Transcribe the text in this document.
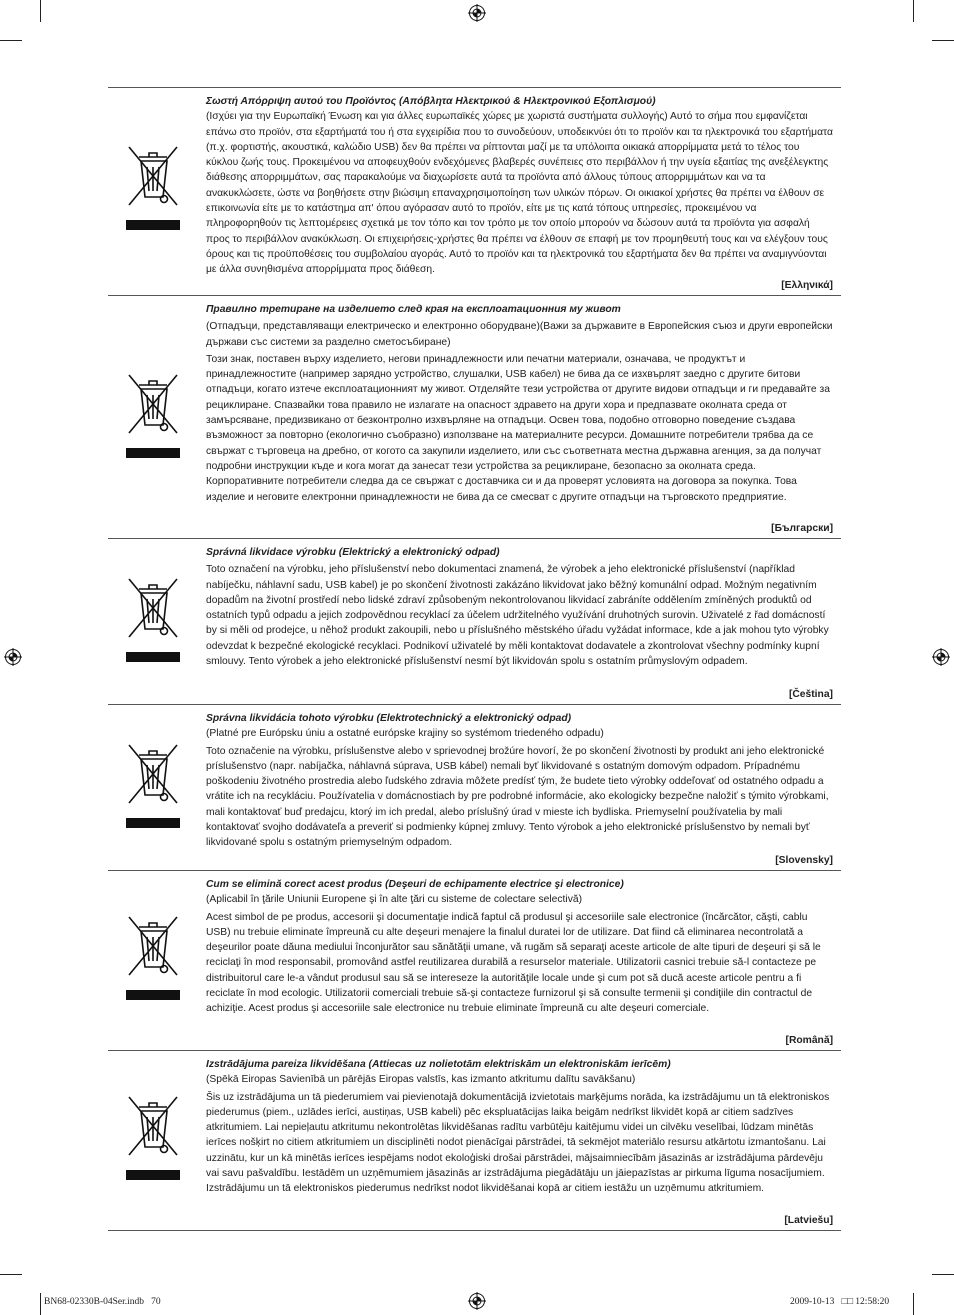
Σωστή Απόρριψη αυτού του Προϊόντος (Απόβλητα Ηλεκτρικού & Ηλεκτρονικού Εξοπλισμού)

(Ισχύει για την Ευρωπαϊκή Ένωση και για άλλες ευρωπαϊκές χώρες με χωριστά συστήματα συλλογής) Αυτό το σήμα που εμφανίζεται επάνω στο προϊόν, στα εξαρτήματά του ή στα εγχειρίδια που το συνοδεύουν, υποδεικνύει ότι το προϊόν και τα ηλεκτρονικά του εξαρτήματα (π.χ. φορτιστής, ακουστικά, καλώδιο USB) δεν θα πρέπει να ρίπτονται μαζί με τα υπόλοιπα οικιακά απορρίμματα μετά το τέλος του κύκλου ζωής τους. Προκειμένου να αποφευχθούν ενδεχόμενες βλαβερές συνέπειες στο περιβάλλον ή την υγεία εξαιτίας της ανεξέλεγκτης διάθεσης απορριμμάτων, σας παρακαλούμε να διαχωρίσετε αυτά τα προϊόντα από άλλους τύπους απορριμμάτων και να τα ανακυκλώσετε, ώστε να βοηθήσετε στην βιώσιμη επαναχρησιμοποίηση των υλικών πόρων. Οι οικιακοί χρήστες θα πρέπει να έλθουν σε επικοινωνία είτε με το κατάστημα απ' όπου αγόρασαν αυτό το προϊόν, είτε με τις κατά τόπους υπηρεσίες, προκειμένου να πληροφορηθούν τις λεπτομέρειες σχετικά με τον τόπο και τον τρόπο με τον οποίο μπορούν να δώσουν αυτά τα προϊόντα για ασφαλή προς το περιβάλλον ανακύκλωση. Οι επιχειρήσεις-χρήστες θα πρέπει να έλθουν σε επαφή με τον προμηθευτή τους και να ελέγξουν τους όρους και τις προϋποθέσεις του συμβολαίου αγοράς. Αυτό το προϊόν και τα ηλεκτρονικά του εξαρτήματα δεν θα πρέπει να αναμιγνύονται με άλλα συνηθισμένα απορρίμματα προς διάθεση.

[Ελληνικά]

Правилно третиране на изделието след края на експлоатационния му живот

(Отпадъци, представляващи електрическо и електронно оборудване)(Важи за държавите в Европейския съюз и други европейски държави със системи за разделно сметосъбиране)

Този знак, поставен върху изделието, негови принадлежности или печатни материали, означава, че продуктът и принадлежностите (например зарядно устройство, слушалки, USB кабел) не бива да се изхвърлят заедно с другите битови отпадъци, когато изтече експлоатационният му живот. Отделяйте тези устройства от другите видови отпадъци и ги предавайте за рециклиране. Спазвайки това правило не излагате на опасност здравето на други хора и предпазвате околната среда от замърсяване, предизвикано от безконтролно изхвърляне на отпадъци. Освен това, подобно отговорно поведение създава възможност за повторно (екологично съобразно) използване на материалните ресурси. Домашните потребители трябва да се свържат с търговеца на дребно, от когото са закупили изделието, или със съответната местна държавна агенция, за да получат подробни инструкции къде и кога могат да занесат тези устройства за рециклиране, безопасно за околната среда. Корпоративните потребители следва да се свържат с доставчика си и да проверят условията на договора за покупка. Това изделие и неговите електронни принадлежности не бива да се смесват с другите отпадъци на търговското предприятие.

[Български]

Správná likvidace výrobku (Elektrický a elektronický odpad)

Toto označení na výrobku, jeho příslušenství nebo dokumentaci znamená, že výrobek a jeho elektronické příslušenství (například nabíječku, náhlavní sadu, USB kabel) je po skončení životnosti zakázáno likvidovat jako běžný komunální odpad. Možným negativním dopadům na životní prostředí nebo lidské zdraví způsobeným nekontrolovanou likvidací zabráníte oddělením zmíněných produktů od ostatních typů odpadu a jejich zodpovědnou recyklací za účelem udržitelného využívání druhotných surovin. Uživatelé z řad domácností by si měli od prodejce, u něhož produkt zakoupili, nebo u příslušného městského úřadu vyžádat informace, kde a jak mohou tyto výrobky odevzdat k bezpečné ekologické recyklaci. Podnikoví uživatelé by měli kontaktovat dodavatele a zkontrolovat všechny podmínky kupní smlouvy. Tento výrobek a jeho elektronické příslušenství nesmí být likvidován spolu s ostatním průmyslovým odpadem.

[Čeština]

Správna likvidácia tohoto výrobku (Elektrotechnický a elektronický odpad)

(Platné pre Európsku úniu a ostatné európske krajiny so systémom triedeného odpadu)

Toto označenie na výrobku, príslušenstve alebo v sprievodnej brožúre hovorí, že po skončení životnosti by produkt ani jeho elektronické príslušenstvo (napr. nabíjačka, náhlavná súprava, USB kábel) nemali byť likvidované s ostatným domovým odpadom. Prípadnému poškodeniu životného prostredia alebo ľudského zdravia môžete predísť tým, že budete tieto výrobky oddeľovať od ostatného odpadu a vrátite ich na recykláciu. Používatelia v domácnostiach by pre podrobné informácie, ako ekologicky bezpečne naložiť s týmito výrobkami, mali kontaktovať buď predajcu, ktorý im ich predal, alebo príslušný úrad v mieste ich bydliska. Priemyselní používatelia by mali kontaktovať svojho dodávateľa a preveriť si podmienky kúpnej zmluvy. Tento výrobok a jeho elektronické príslušenstvo by nemali byť likvidované spolu s ostatným priemyselným odpadom.

[Slovensky]

Cum se elimină corect acest produs (Deşeuri de echipamente electrice şi electronice)

(Aplicabil în ţările Uniunii Europene şi în alte ţări cu sisteme de colectare selectivă)

Acest simbol de pe produs, accesorii şi documentaţie indică faptul că produsul şi accesoriile sale electronice (încărcător, căşti, cablu USB) nu trebuie eliminate împreună cu alte deşeuri menajere la finalul duratei lor de utilizare. Dat fiind că eliminarea necontrolată a deşeurilor poate dăuna mediului înconjurător sau sănătăţii umane, vă rugăm să separaţi aceste articole de alte tipuri de deşeuri şi să le reciclaţi în mod responsabil, promovând astfel reutilizarea durabilă a resurselor materiale. Utilizatorii casnici trebuie să-l contacteze pe distribuitorul care le-a vândut produsul sau să se intereseze la autorităţile locale unde şi cum pot să ducă aceste articole pentru a fi reciclate în mod ecologic. Utilizatorii comerciali trebuie să-şi contacteze furnizorul şi să consulte termenii şi condiţiile din contractul de achiziţie. Acest produs şi accesoriile sale electronice nu trebuie eliminate împreună cu alte deşeuri comerciale.

[Română]

Izstrādājuma pareiza likvidēšana (Attiecas uz nolietotām elektriskām un elektroniskām ierīcēm)

(Spēkā Eiropas Savienībā un pārējās Eiropas valstīs, kas izmanto atkritumu dalītu savākšanu)

Šis uz izstrādājuma un tā piederumiem vai pievienotajā dokumentācijā izvietotais marķējums norāda, ka izstrādājumu un tā elektroniskos piederumus (piem., uzlādes ierīci, austiņas, USB kabeli) pēc ekspluatācijas laika beigām nedrīkst likvidēt kopā ar citiem sadzīves atkritumiem. Lai nepieļautu atkritumu nekontrolētas likvidēšanas radītu varbūtēju kaitējumu videi un cilvēku veselībai, lūdzam minētās ierīces nošķirt no citiem atkritumiem un disciplinēti nodot pienācīgai pārstrādei, tā sekmējot materiālo resursu atkārtotu izmantošanu. Lai uzzinātu, kur un kā minētās ierīces iespējams nodot ekoloģiski drošai pārstrādei, mājsaimniecībām jāsazinās ar izstrādājuma pārdevēju vai savu pašvaldību. Iestādēm un uzņēmumiem jāsazinās ar izstrādājuma piegādātāju un jāiepazīstas ar pirkuma līguma nosacījumiem. Izstrādājumu un tā elektroniskos piederumus nedrīkst nodot likvidēšanai kopā ar citiem iestāžu un uzņēmumu atkritumiem.

[Latviešu]
BN68-02330B-04Ser.indb   70	2009-10-13   □□ 12:58:20
